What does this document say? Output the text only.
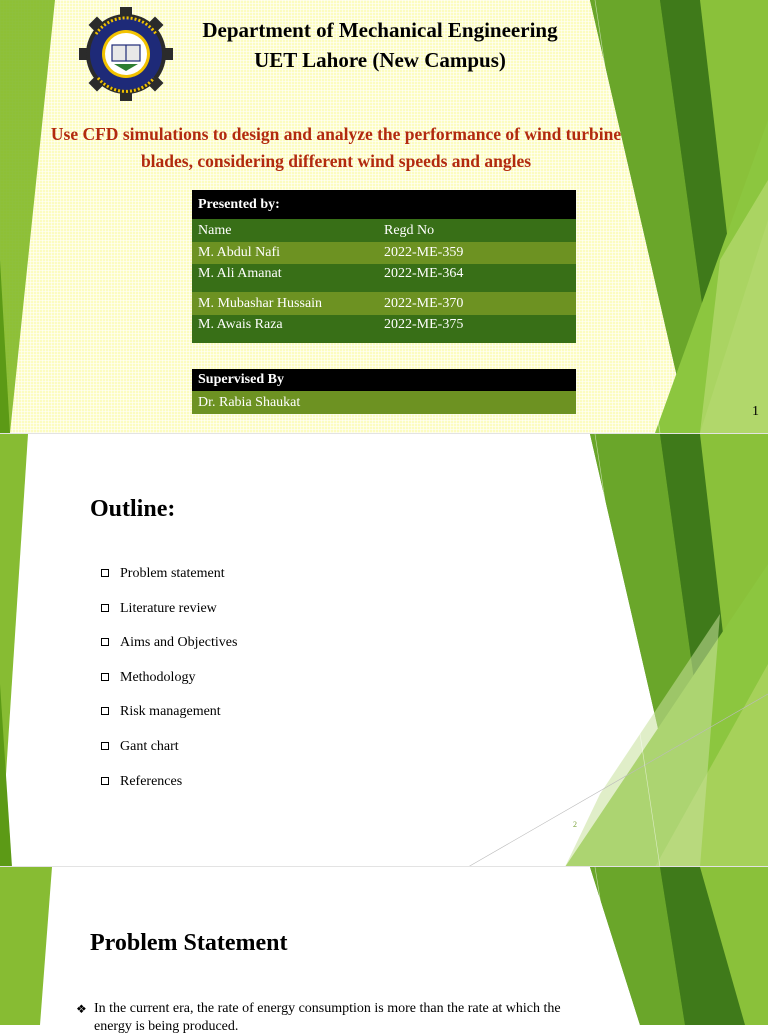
Department of Mechanical Engineering
UET Lahore (New Campus)
Use CFD simulations to design and analyze the performance of wind turbine blades, considering different wind speeds and angles
Presented by:
Name	Regd No
M. Abdul Nafi	2022-ME-359
M. Ali Amanat	2022-ME-364
M. Mubashar Hussain	2022-ME-370
M. Awais Raza	2022-ME-375
Supervised By
Dr. Rabia Shaukat
1
Outline:
Problem statement
Literature review
Aims and Objectives
Methodology
Risk management
Gant chart
References
2
Problem Statement
❖ In the current era, the rate of energy consumption is more than the rate at which the energy is being produced.
